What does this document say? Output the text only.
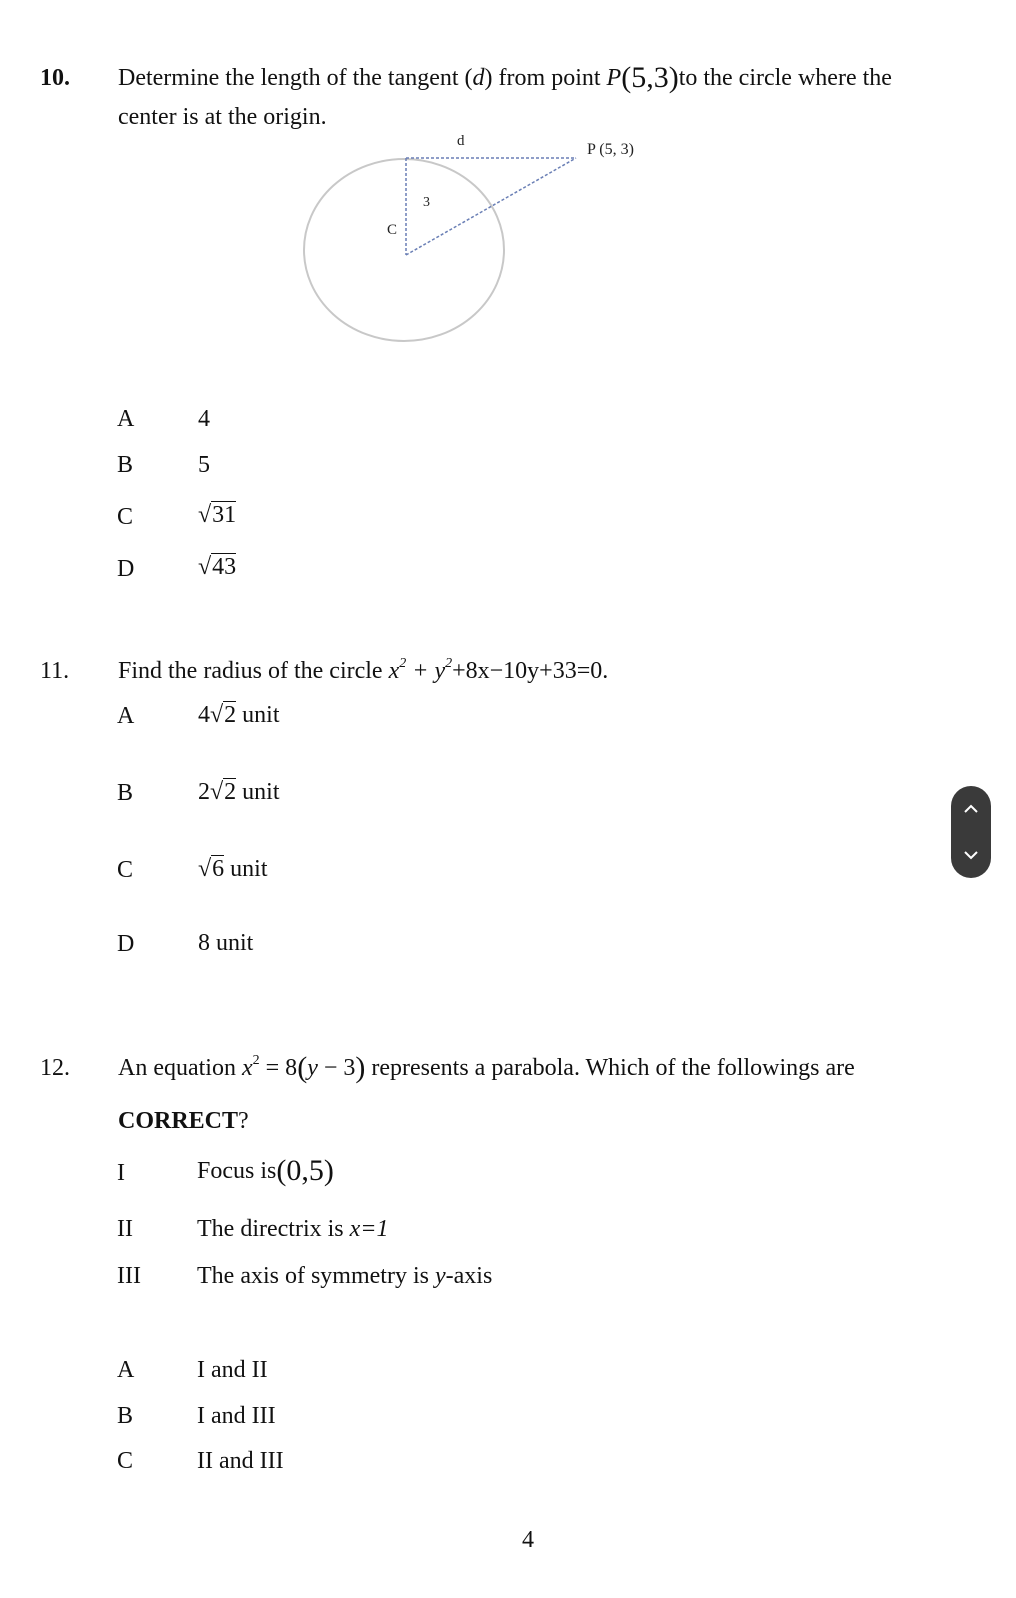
10. Determine the length of the tangent (d) from point P(5,3)to the circle where the
center is at the origin.
d	P (5, 3)
3
C
A	4
B	5
C	√31
D	√43
11. Find the radius of the circle $x^2 + y^2+8x-10y+33=0$.
A	4√2 unit
B	2√2 unit
C	√6 unit
D	8 unit
12. An equation $x^2 = 8(y - 3)$ represents a parabola. Which of the followings are
CORRECT?
I	Focus is(0,5)
II	The directrix is x=1
III The axis of symmetry is y-axis
A	I and II
B	I and III
C	II and III
4
